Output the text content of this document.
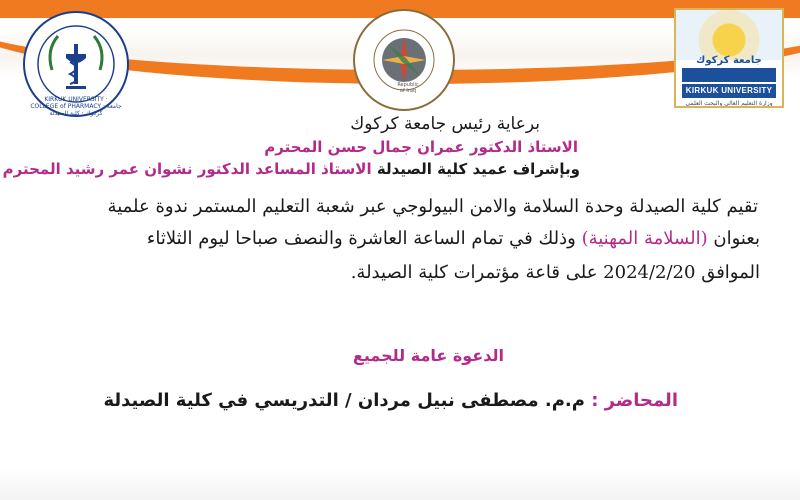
KIRKUK UNIVERSITY · COLLEGE of PHARMACY · جامعة كركوك · كلية الصيدلة
Republic of Iraq
جامعة كركوك
KIRKUK UNIVERSITY
وزارة التعليم العالي والبحث العلمي
برعاية رئيس جامعة كركوك
الاستاذ الدكتور عمران جمال حسن المحترم
وبإشراف عميد كلية الصيدلة الاستاذ المساعد الدكتور نشوان عمر رشيد المحترم
تقيم كلية الصيدلة وحدة السلامة والامن البيولوجي عبر شعبة التعليم المستمر ندوة علمية
بعنوان (السلامة المهنية) وذلك في تمام الساعة العاشرة والنصف صباحا ليوم الثلاثاء
الموافق 2024/2/20 على قاعة مؤتمرات كلية الصيدلة.
الدعوة عامة للجميع
المحاضر : م.م. مصطفى نبيل مردان / التدريسي في كلية الصيدلة
